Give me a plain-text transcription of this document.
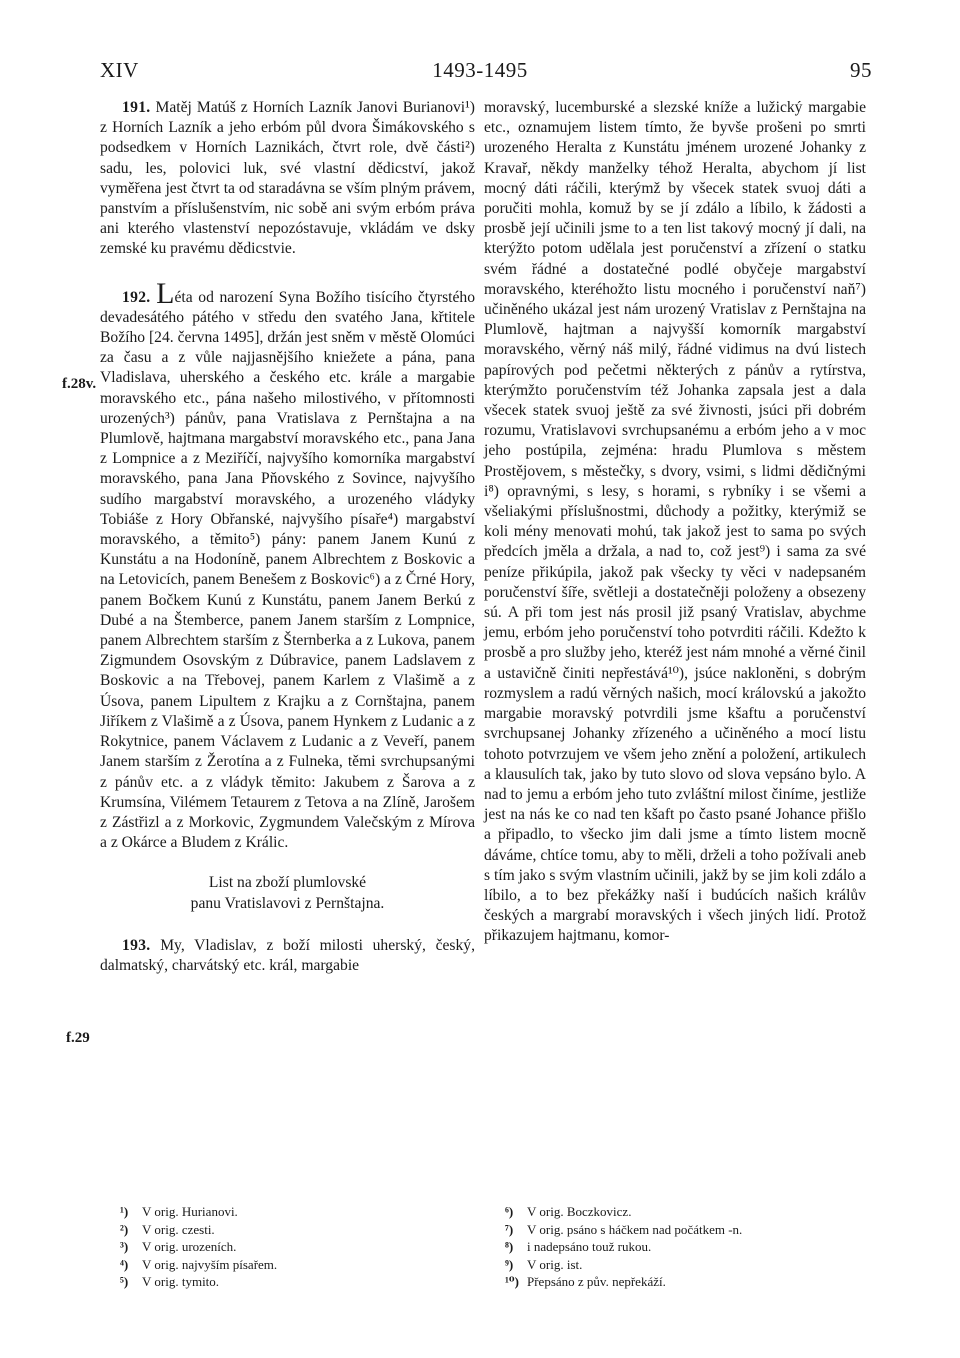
XIV	1493-1495	95
f.28v.
f.29

191. Matěj Matúš z Horních Lazník Janovi Burianovi¹) z Horních Lazník a jeho erbóm půl dvora Šimákovského s podsedkem v Horních Laznikách, čtvrt role, dvě části²) sadu, les, polovici luk, své vlastní dědicství, jakož vyměřena jest čtvrt ta od staradávna se vším plným právem, panstvím a příslušenstvím, nic sobě ani svým erbóm práva ani kterého vlastenství nepozóstavuje, vkládám ve dsky zemské ku pravému dědicstvie.

192. Léta od narození Syna Božího tisícího čtyrstého devadesátého pátého v středu den svatého Jana, křtitele Božího [24. června 1495], držán jest sněm v městě Olomúci za času a z vůle najjasnějšího kniežete a pána, pana Vladislava, uherského a českého etc. krále a margabie moravského etc., pána našeho milostivého, v přítomnosti urozených³) pánův, pana Vratislava z Pernštajna a na Plumlově, hajtmana margabství moravského etc., pana Jana z Lompnice a z Meziříčí, najvyšího komorníka margabství moravského, pana Jana Pňovského z Sovince, najvyšího sudího margabství moravského, a urozeného vládyky Tobiáše z Hory Obřanské, najvyšího písaře⁴) margabství moravského, a těmito⁵) pány: panem Janem Kunú z Kunstátu a na Hodoníně, panem Albrechtem z Boskovic a na Letovicích, panem Benešem z Boskovic⁶) a z Črné Hory, panem Bočkem Kunú z Kunstátu, panem Janem Berkú z Dubé a na Štemberce, panem Janem starším z Lompnice, panem Albrechtem starším z Šternberka a z Lukova, panem Zigmundem Osovským z Dúbravice, panem Ladslavem z Boskovic a na Třebovej, panem Karlem z Vlašimě a z Úsova, panem Lipultem z Krajku a z Cornštajna, panem Jiříkem z Vlašimě a z Úsova, panem Hynkem z Ludanic a z Rokytnice, panem Václavem z Ludanic a z Veveří, panem Janem starším z Žerotína a z Fulneka, těmi svrchupsanými z pánův etc. a z vládyk těmito: Jakubem z Šarova a z Krumsína, Vilémem Tetaurem z Tetova a na Zlíně, Jarošem z Zástřizl a z Morkovic, Zygmundem Valečským z Mírova a z Okárce a Bludem z Králic.

List na zboží plumlovské
panu Vratislavovi z Pernštajna.

193. My, Vladislav, z boží milosti uherský, český, dalmatský, charvátský etc. král, margabie

moravský, lucemburské a slezské kníže a lužický margabie etc., oznamujem listem tímto, že byvše prošeni po smrti urozeného Heralta z Kunstátu jménem urozené Johanky z Kravař, někdy manželky téhož Heralta, abychom jí list mocný dáti ráčili, kterýmž by všecek statek svuoj dáti a poručiti mohla, komuž by se jí zdálo a líbilo, k žádosti a prosbě její učinili jsme to a ten list takový mocný jí dali, na kterýžto potom udělala jest poručenství a zřízení o statku svém řádné a dostatečné podlé obyčeje margabství moravského, kteréhožto listu mocného i poručenství naň⁷) učiněného ukázal jest nám urozený Vratislav z Pernštajna na Plumlově, hajtman a najvyšší komorník margabství moravského, věrný náš milý, řádné vidimus na dvú listech papírových pod pečetmi některých z pánův a rytírstva, kterýmžto poručenstvím též Johanka zapsala jest a dala všecek statek svuoj ještě za své živnosti, jsúci při dobrém rozumu, Vratislavovi svrchupsanému a erbóm jeho a v moc jeho postúpila, zejména: hradu Plumlova s městem Prostějovem, s městečky, s dvory, vsimi, s lidmi dědičnými i⁸) opravnými, s lesy, s horami, s rybníky i se všemi a všeliakými příslušnostmi, důchody a požitky, kterýmiž se koli mény menovati mohú, tak jakož jest to sama po svých předcích jměla a držala, a nad to, což jest⁹) i sama za své peníze přikúpila, jakož pak všecky ty věci v nadepsaném poručenství šíře, světleji a dostatečněji položeny a obsezeny sú. A při tom jest nás prosil již psaný Vratislav, abychme jemu, erbóm jeho poručenství toho potvrditi ráčili. Kdežto k prosbě a pro služby jeho, kteréž jest nám mnohé a věrné činil a ustavičně činiti nepřestává¹⁰), jsúce nakloněni, s dobrým rozmyslem a radú věrných našich, mocí královskú a jakožto margabie moravský potvrdili jsme kšaftu a poručenství svrchupsanej Johanky zřízeného a učiněného a mocí listu tohoto potvrzujem ve všem jeho znění a položení, artikulech a klausulích tak, jako by tuto slovo od slova vepsáno bylo. A nad to jemu a erbóm jeho tuto zvláštní milost činíme, jestliže jest na nás ke co nad ten kšaft po často psané Johance přišlo a připadlo, to všecko jim dali jsme a tímto listem mocně dáváme, chtíce tomu, aby to měli, drželi a toho požívali aneb s tím jako s svým vlastním učinili, jakž by se jim koli zdálo a líbilo, a to bez překážky naší i budúcích našich králův českých a margrabí moravských i všech jiných lidí. Protož přikazujem hajtmanu, komor-

¹) V orig. Hurianovi.
²) V orig. czesti.
³) V orig. urozeních.
⁴) V orig. najvyším písařem.
⁵) V orig. tymito.
⁶) V orig. Boczkovicz.
⁷) V orig. psáno s háčkem nad počátkem -n.
⁸) i nadepsáno touž rukou.
⁹) V orig. ist.
¹⁰) Přepsáno z pův. nepřekáží.
